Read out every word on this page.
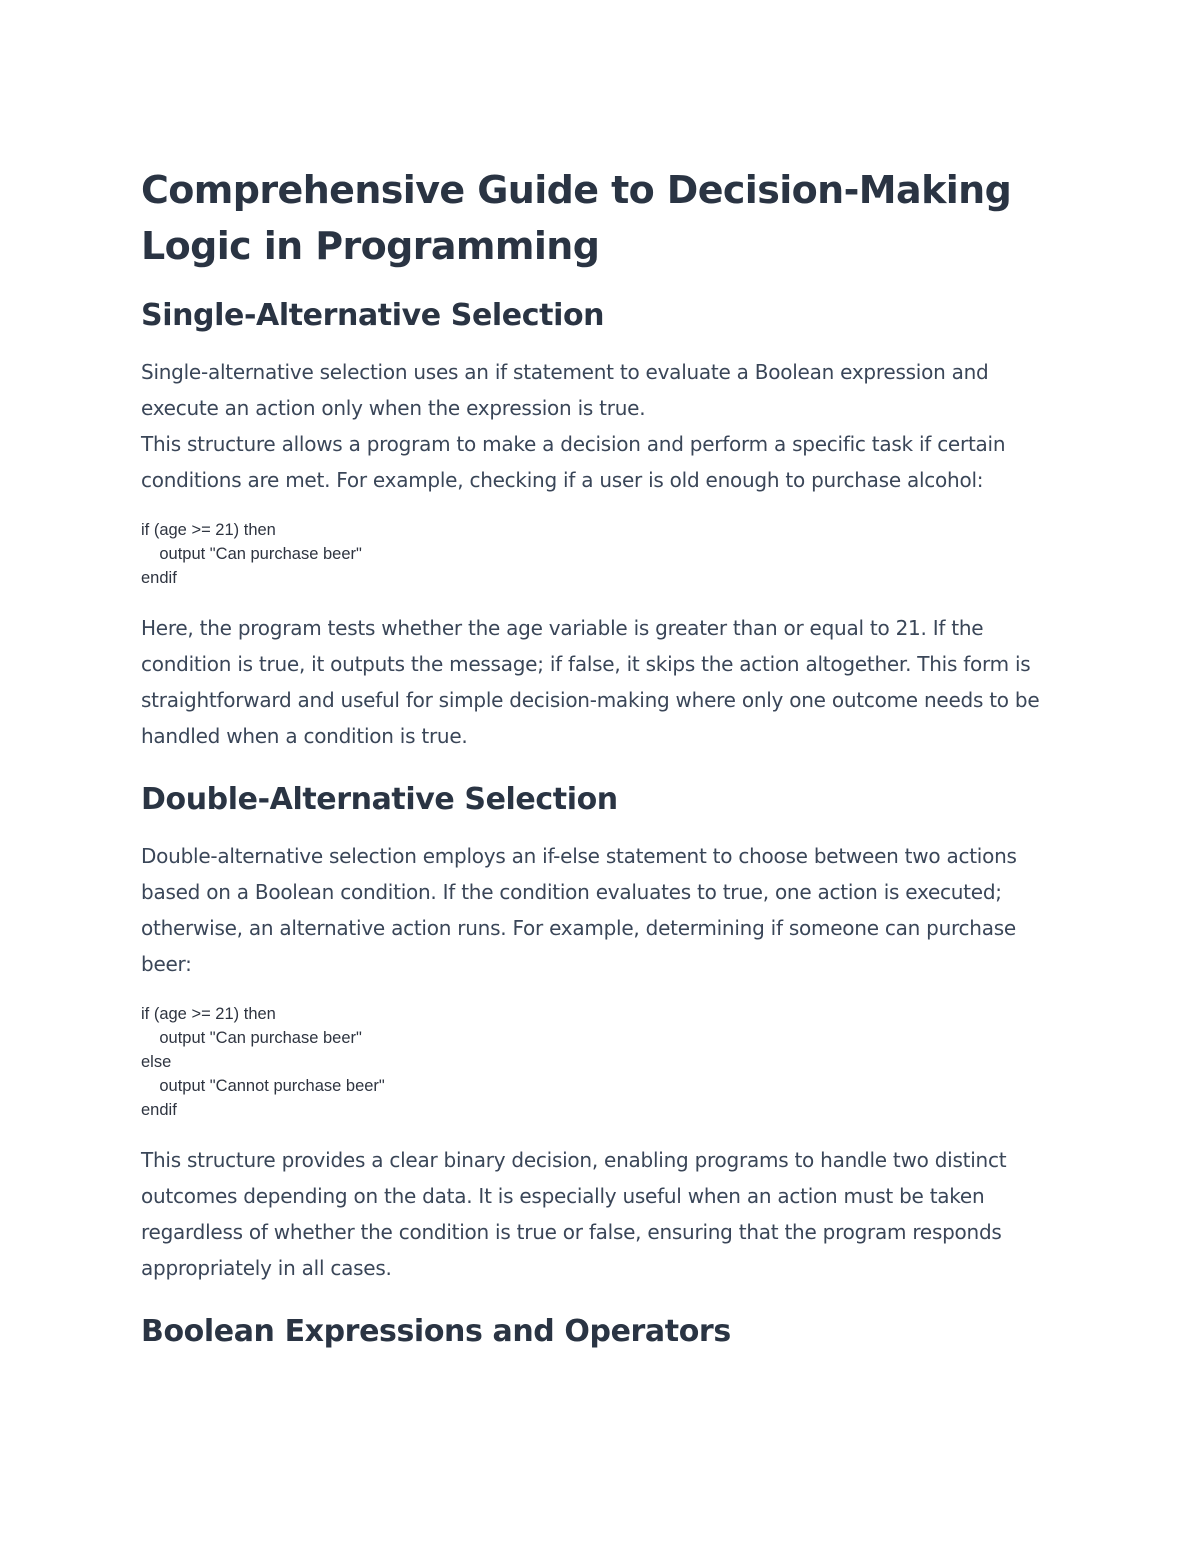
Comprehensive Guide to Decision-Making Logic in Programming
Single-Alternative Selection

Single-alternative selection uses an if statement to evaluate a Boolean expression and execute an action only when the expression is true.

This structure allows a program to make a decision and perform a specific task if certain conditions are met. For example, checking if a user is old enough to purchase alcohol:

if (age >= 21) then
output "Can purchase beer"
endif

Here, the program tests whether the age variable is greater than or equal to 21. If the condition is true, it outputs the message; if false, it skips the action altogether. This form is straightforward and useful for simple decision-making where only one outcome needs to be handled when a condition is true.

Double-Alternative Selection

Double-alternative selection employs an if-else statement to choose between two actions based on a Boolean condition. If the condition evaluates to true, one action is executed; otherwise, an alternative action runs. For example, determining if someone can purchase beer:

if (age >= 21) then
output "Can purchase beer"
else
output "Cannot purchase beer"
endif

This structure provides a clear binary decision, enabling programs to handle two distinct outcomes depending on the data. It is especially useful when an action must be taken regardless of whether the condition is true or false, ensuring that the program responds appropriately in all cases.

Boolean Expressions and Operators
